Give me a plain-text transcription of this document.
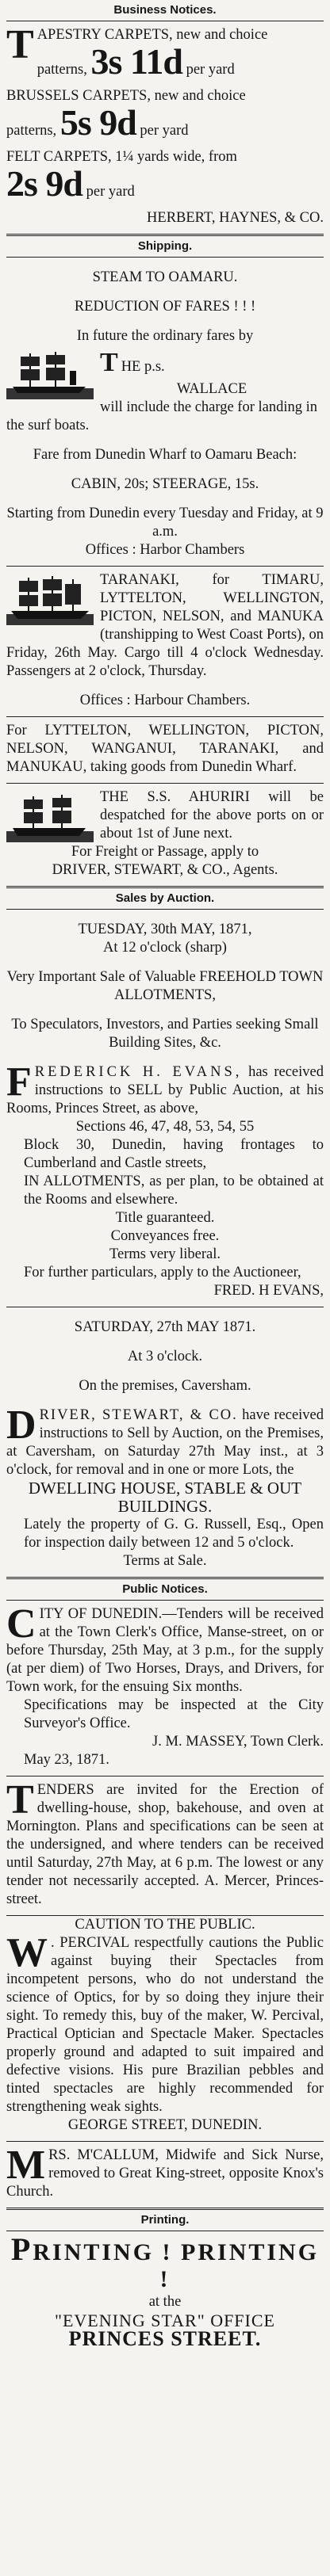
Business Notices.
T APESTRY CARPETS, new and choice
patterns, 3s 11d per yard
BRUSSELS CARPETS, new and choice
patterns, 5s 9d per yard
FELT CARPETS, 1¼ yards wide, from
2s 9d per yard
HERBERT, HAYNES, & CO.
Shipping.
STEAM TO OAMARU.
REDUCTION OF FARES ! ! !
In future the ordinary fares by
THE p.s.
WALLACE
will include the charge for landing in the surf boats.
Fare from Dunedin Wharf to Oamaru Beach:
CABIN, 20s; STEERAGE, 15s.
Starting from Dunedin every Tuesday and Friday, at 9 a.m.
Offices : Harbor Chambers
TARANAKI, for TIMARU, LYTTELTON, WELLINGTON, PICTON, NELSON, and MANUKA (transhipping to West Coast Ports), on Friday, 26th May. Cargo till 4 o'clock Wednesday. Passengers at 2 o'clock, Thursday.
Offices : Harbour Chambers.
For LYTTELTON, WELLINGTON, PICTON, NELSON, WANGANUI, TARANAKI, and MANUKAU, taking goods from Dunedin Wharf.
THE S.S. AHURIRI will be despatched for the above ports on or about 1st of June next.
For Freight or Passage, apply to
DRIVER, STEWART, & CO., Agents.
Sales by Auction.
TUESDAY, 30th MAY, 1871,
At 12 o'clock (sharp)
Very Important Sale of Valuable FREEHOLD TOWN ALLOTMENTS,
To Speculators, Investors, and Parties seeking Small Building Sites, &c.
F REDERICK H. EVANS, has received instructions to SELL by Public Auction, at his Rooms, Princes Street, as above,
Sections 46, 47, 48, 53, 54, 55
Block 30, Dunedin, having frontages to Cumberland and Castle streets,
IN ALLOTMENTS, as per plan, to be obtained at the Rooms and elsewhere.
Title guaranteed.
Conveyances free.
Terms very liberal.
For further particulars, apply to the Auctioneer,
FRED. H EVANS,
SATURDAY, 27th MAY 1871.
At 3 o'clock.
On the premises, Caversham.
D RIVER, STEWART, & CO. have received instructions to Sell by Auction, on the Premises, at Caversham, on Saturday 27th May inst., at 3 o'clock, for removal and in one or more Lots, the
DWELLING HOUSE, STABLE & OUT BUILDINGS.
Lately the property of G. G. Russell, Esq., Open for inspection daily between 12 and 5 o'clock.
Terms at Sale.
Public Notices.
C ITY OF DUNEDIN.—Tenders will be received at the Town Clerk's Office, Manse-street, on or before Thursday, 25th May, at 3 p.m., for the supply (at per diem) of Two Horses, Drays, and Drivers, for Town work, for the ensuing Six months.
Specifications may be inspected at the City Surveyor's Office.
J. M. MASSEY, Town Clerk.
May 23, 1871.
T ENDERS are invited for the Erection of dwelling-house, shop, bakehouse, and oven at Mornington. Plans and specifications can be seen at the undersigned, and where tenders can be received until Saturday, 27th May, at 6 p.m. The lowest or any tender not necessarily accepted. A. Mercer, Princes-street.
CAUTION TO THE PUBLIC.
W . PERCIVAL respectfully cautions the Public against buying their Spectacles from incompetent persons, who do not understand the science of Optics, for by so doing they injure their sight. To remedy this, buy of the maker, W. Percival, Practical Optician and Spectacle Maker. Spectacles properly ground and adapted to suit impaired and defective visions. His pure Brazilian pebbles and tinted spectacles are highly recommended for strengthening weak sights.
GEORGE STREET, DUNEDIN.
M RS. M'CALLUM, Midwife and Sick Nurse, removed to Great King-street, opposite Knox's Church.
Printing.
PRINTING ! PRINTING !
at the
"EVENING STAR" OFFICE
PRINCES STREET.
